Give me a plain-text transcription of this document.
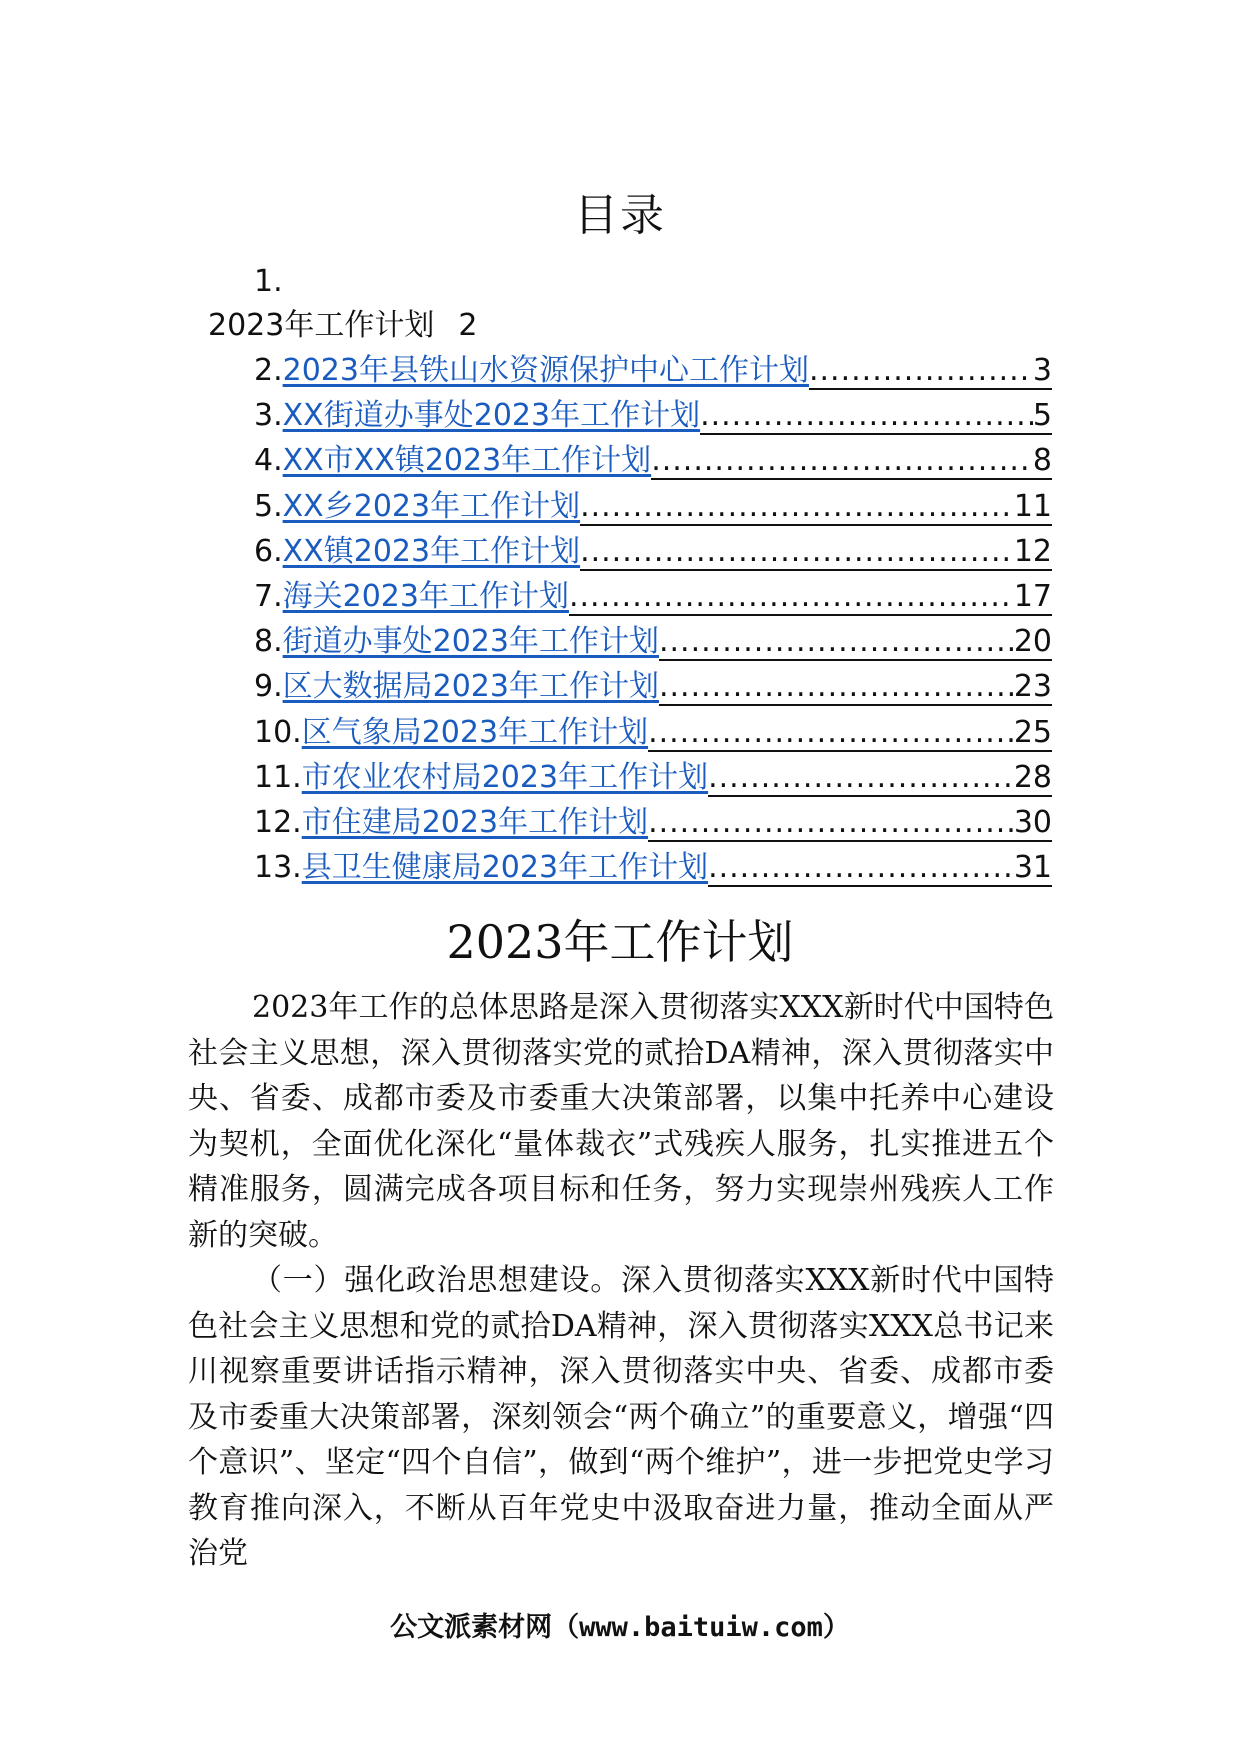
目录
1.
2023年工作计划 2
2. 2023年县铁山水资源保护中心工作计划 .....	3
3. XX街道办事处2023年工作计划 .....	5
4. XX市XX镇2023年工作计划 .....	8
5. XX乡2023年工作计划 .....	11
6. XX镇2023年工作计划 .....	12
7. 海关2023年工作计划 .....	17
8. 街道办事处2023年工作计划 .....	20
9. 区大数据局2023年工作计划 .....	23
10. 区气象局2023年工作计划 .....	25
11. 市农业农村局2023年工作计划 .....	28
12. 市住建局2023年工作计划 .....	30
13. 县卫生健康局2023年工作计划 .....	31
2023年工作计划

2023年工作的总体思路是深入贯彻落实XXX新时代中国特色社会主义思想，深入贯彻落实党的贰拾DA精神，深入贯彻落实中央、省委、成都市委及市委重大决策部署，以集中托养中心建设为契机，全面优化深化“量体裁衣”式残疾人服务，扎实推进五个精准服务，圆满完成各项目标和任务，努力实现崇州残疾人工作新的突破。

（一）强化政治思想建设。深入贯彻落实XXX新时代中国特色社会主义思想和党的贰拾DA精神，深入贯彻落实XXX总书记来川视察重要讲话指示精神，深入贯彻落实中央、省委、成都市委及市委重大决策部署，深刻领会“两个确立”的重要意义，增强“四个意识”、坚定“四个自信”，做到“两个维护”，进一步把党史学习教育推向深入，不断从百年党史中汲取奋进力量，推动全面从严治党

公文派素材网（www.baituiw.com）
